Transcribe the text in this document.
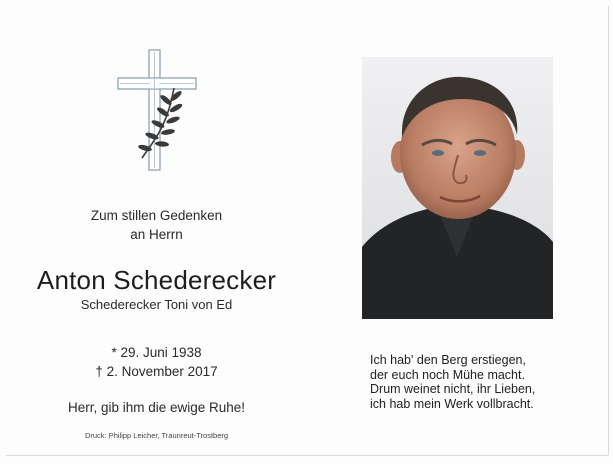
Zum stillen Gedenken
an Herrn
Anton Schederecker
Schederecker Toni von Ed
* 29. Juni 1938
† 2. November 2017
Herr, gib ihm die ewige Ruhe!
Druck: Philipp Leicher, Traunreut-Trostberg
Ich hab' den Berg erstiegen,
der euch noch Mühe macht.
Drum weinet nicht, ihr Lieben,
ich hab mein Werk vollbracht.
